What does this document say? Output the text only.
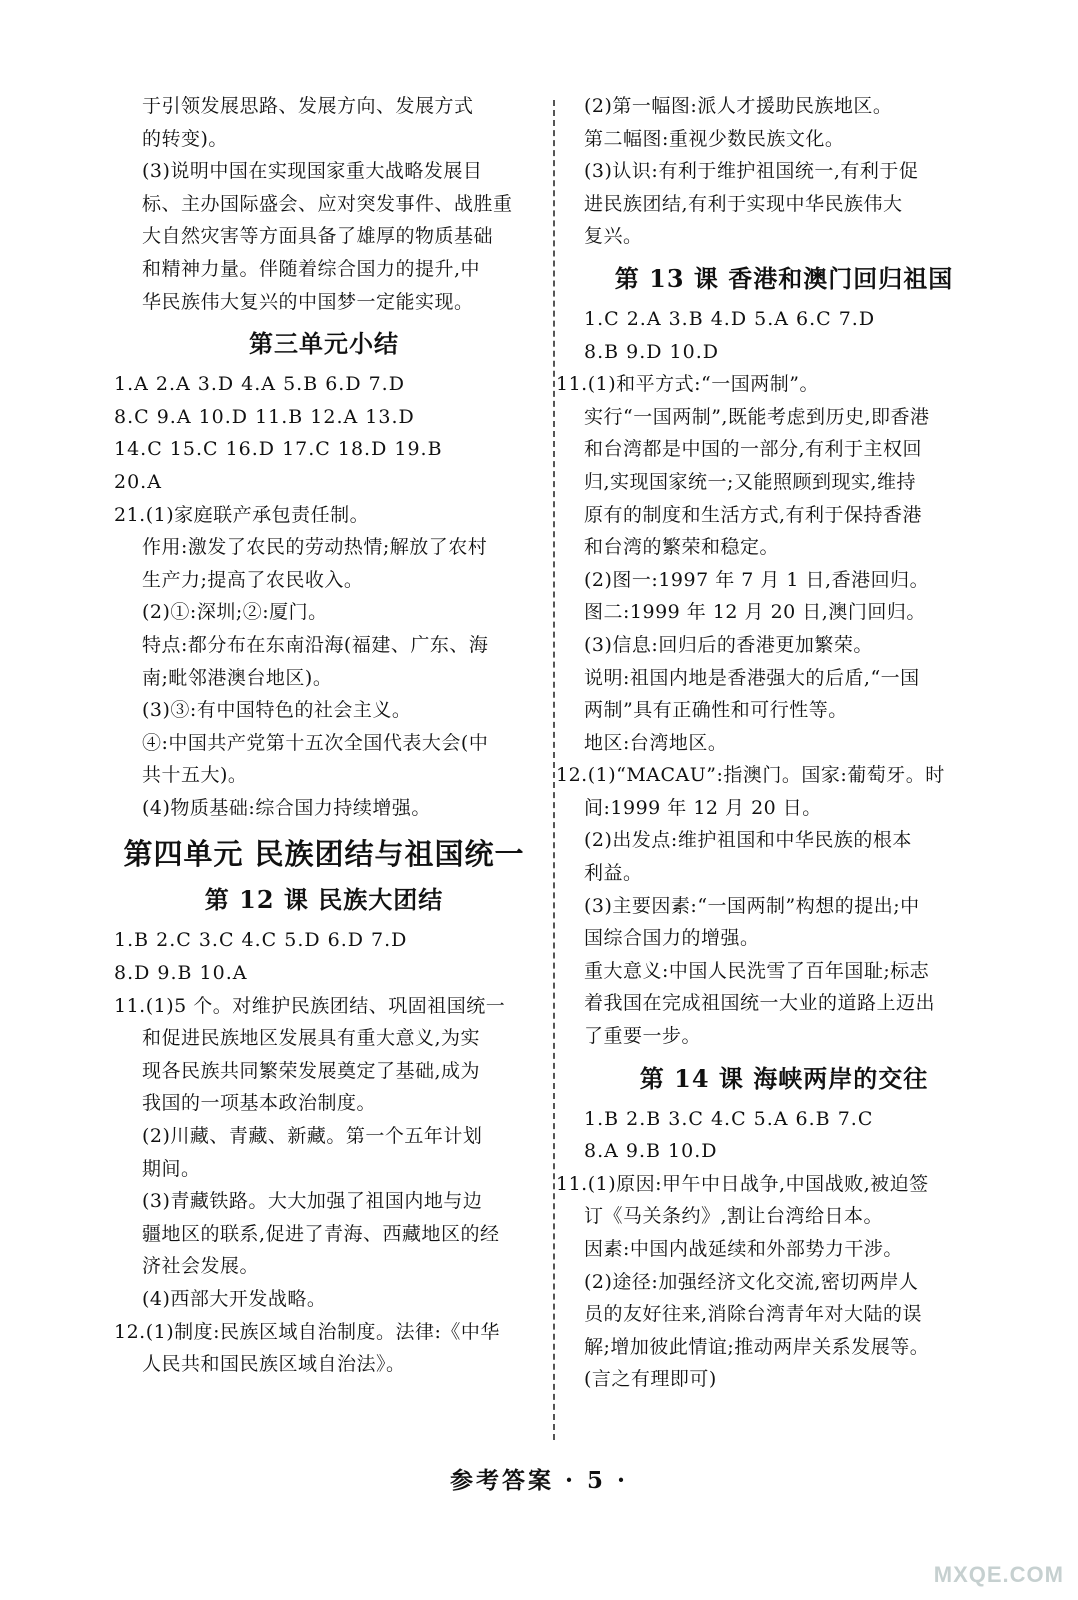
于引领发展思路、发展方向、发展方式
的转变)。
(3)说明中国在实现国家重大战略发展目
标、主办国际盛会、应对突发事件、战胜重
大自然灾害等方面具备了雄厚的物质基础
和精神力量。伴随着综合国力的提升,中
华民族伟大复兴的中国梦一定能实现。
第三单元小结
1.A 2.A 3.D 4.A 5.B 6.D 7.D
8.C 9.A 10.D 11.B 12.A 13.D
14.C 15.C 16.D 17.C 18.D 19.B
20.A
21.(1)家庭联产承包责任制。
作用:激发了农民的劳动热情;解放了农村
生产力;提高了农民收入。
(2)①:深圳;②:厦门。
特点:都分布在东南沿海(福建、广东、海
南;毗邻港澳台地区)。
(3)③:有中国特色的社会主义。
④:中国共产党第十五次全国代表大会(中
共十五大)。
(4)物质基础:综合国力持续增强。
第四单元 民族团结与祖国统一
第 12 课 民族大团结
1.B 2.C 3.C 4.C 5.D 6.D 7.D
8.D 9.B 10.A
11.(1)5 个。对维护民族团结、巩固祖国统一
和促进民族地区发展具有重大意义,为实
现各民族共同繁荣发展奠定了基础,成为
我国的一项基本政治制度。
(2)川藏、青藏、新藏。第一个五年计划
期间。
(3)青藏铁路。大大加强了祖国内地与边
疆地区的联系,促进了青海、西藏地区的经
济社会发展。
(4)西部大开发战略。
12.(1)制度:民族区域自治制度。法律:《中华
人民共和国民族区域自治法》。
(2)第一幅图:派人才援助民族地区。
第二幅图:重视少数民族文化。
(3)认识:有利于维护祖国统一,有利于促
进民族团结,有利于实现中华民族伟大
复兴。
第 13 课 香港和澳门回归祖国
1.C 2.A 3.B 4.D 5.A 6.C 7.D
8.B 9.D 10.D
11.(1)和平方式:“一国两制”。
实行“一国两制”,既能考虑到历史,即香港
和台湾都是中国的一部分,有利于主权回
归,实现国家统一;又能照顾到现实,维持
原有的制度和生活方式,有利于保持香港
和台湾的繁荣和稳定。
(2)图一:1997 年 7 月 1 日,香港回归。
图二:1999 年 12 月 20 日,澳门回归。
(3)信息:回归后的香港更加繁荣。
说明:祖国内地是香港强大的后盾,“一国
两制”具有正确性和可行性等。
地区:台湾地区。
12.(1)“MACAU”:指澳门。国家:葡萄牙。时
间:1999 年 12 月 20 日。
(2)出发点:维护祖国和中华民族的根本
利益。
(3)主要因素:“一国两制”构想的提出;中
国综合国力的增强。
重大意义:中国人民洗雪了百年国耻;标志
着我国在完成祖国统一大业的道路上迈出
了重要一步。
第 14 课 海峡两岸的交往
1.B 2.B 3.C 4.C 5.A 6.B 7.C
8.A 9.B 10.D
11.(1)原因:甲午中日战争,中国战败,被迫签
订《马关条约》,割让台湾给日本。
因素:中国内战延续和外部势力干涉。
(2)途径:加强经济文化交流,密切两岸人
员的友好往来,消除台湾青年对大陆的误
解;增加彼此情谊;推动两岸关系发展等。
(言之有理即可)
参考答案 · 5 ·
MXQE.COM
